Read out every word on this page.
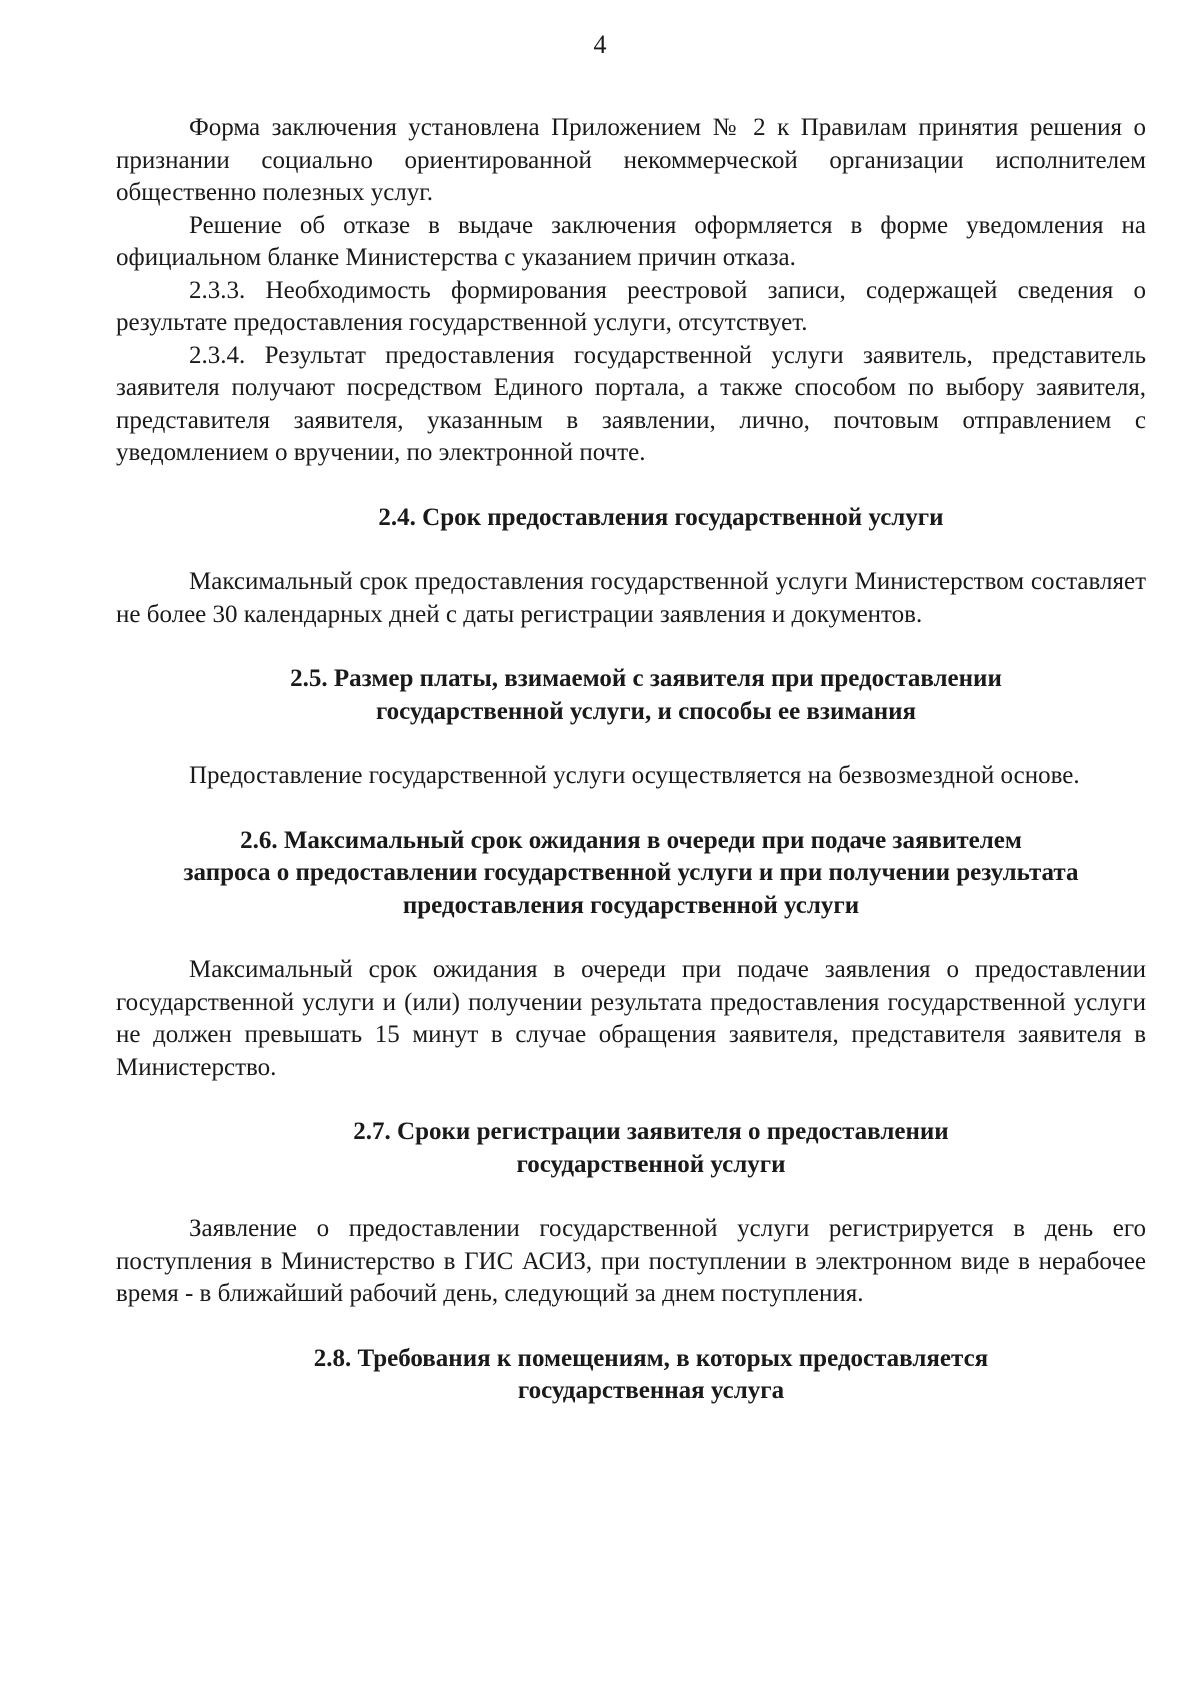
4

Форма заключения установлена Приложением № 2 к Правилам принятия решения о признании социально ориентированной некоммерческой организации исполнителем общественно полезных услуг.

Решение об отказе в выдаче заключения оформляется в форме уведомления на официальном бланке Министерства с указанием причин отказа.

2.3.3. Необходимость формирования реестровой записи, содержащей сведения о результате предоставления государственной услуги, отсутствует.

2.3.4. Результат предоставления государственной услуги заявитель, представитель заявителя получают посредством Единого портала, а также способом по выбору заявителя, представителя заявителя, указанным в заявлении, лично, почтовым отправлением с уведомлением о вручении, по электронной почте.

2.4. Срок предоставления государственной услуги

Максимальный срок предоставления государственной услуги Министерством составляет не более 30 календарных дней с даты регистрации заявления и документов.

2.5. Размер платы, взимаемой с заявителя при предоставлении
государственной услуги, и способы ее взимания

Предоставление государственной услуги осуществляется на безвозмездной основе.

2.6. Максимальный срок ожидания в очереди при подаче заявителем
запроса о предоставлении государственной услуги и при получении результата
предоставления государственной услуги

Максимальный срок ожидания в очереди при подаче заявления о предоставлении государственной услуги и (или) получении результата предоставления государственной услуги не должен превышать 15 минут в случае обращения заявителя, представителя заявителя в Министерство.

2.7. Сроки регистрации заявителя о предоставлении
государственной услуги

Заявление о предоставлении государственной услуги регистрируется в день его поступления в Министерство в ГИС АСИЗ, при поступлении в электронном виде в нерабочее время - в ближайший рабочий день, следующий за днем поступления.

2.8. Требования к помещениям, в которых предоставляется
государственная услуга
